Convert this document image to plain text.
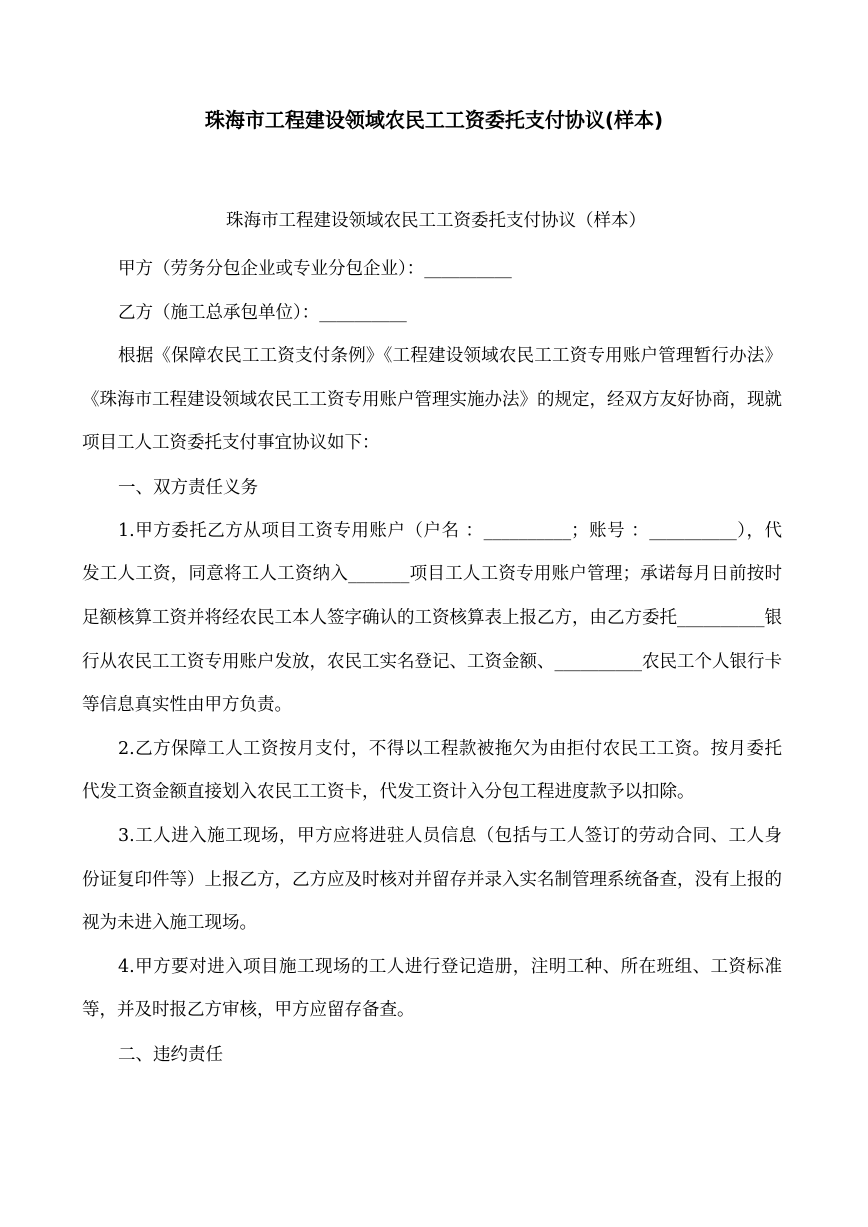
珠海市工程建设领域农民工工资委托支付协议(样本)
珠海市工程建设领域农民工工资委托支付协议（样本）
甲方（劳务分包企业或专业分包企业）：__________
乙方（施工总承包单位）：__________

根据《保障农民工工资支付条例》《工程建设领域农民工工资专用账户管理暂行办法》《珠海市工程建设领域农民工工资专用账户管理实施办法》的规定，经双方友好协商，现就项目工人工资委托支付事宜协议如下：

一、双方责任义务

1.甲方委托乙方从项目工资专用账户（户名 ：__________；账号 ：__________），代发工人工资，同意将工人工资纳入_______项目工人工资专用账户管理；承诺每月日前按时足额核算工资并将经农民工本人签字确认的工资核算表上报乙方，由乙方委托__________银行从农民工工资专用账户发放，农民工实名登记、工资金额、__________农民工个人银行卡等信息真实性由甲方负责。

2.乙方保障工人工资按月支付，不得以工程款被拖欠为由拒付农民工工资。按月委托代发工资金额直接划入农民工工资卡，代发工资计入分包工程进度款予以扣除。

3.工人进入施工现场，甲方应将进驻人员信息（包括与工人签订的劳动合同、工人身份证复印件等）上报乙方，乙方应及时核对并留存并录入实名制管理系统备查，没有上报的视为未进入施工现场。

4.甲方要对进入项目施工现场的工人进行登记造册，注明工种、所在班组、工资标准等，并及时报乙方审核，甲方应留存备查。

二、违约责任
